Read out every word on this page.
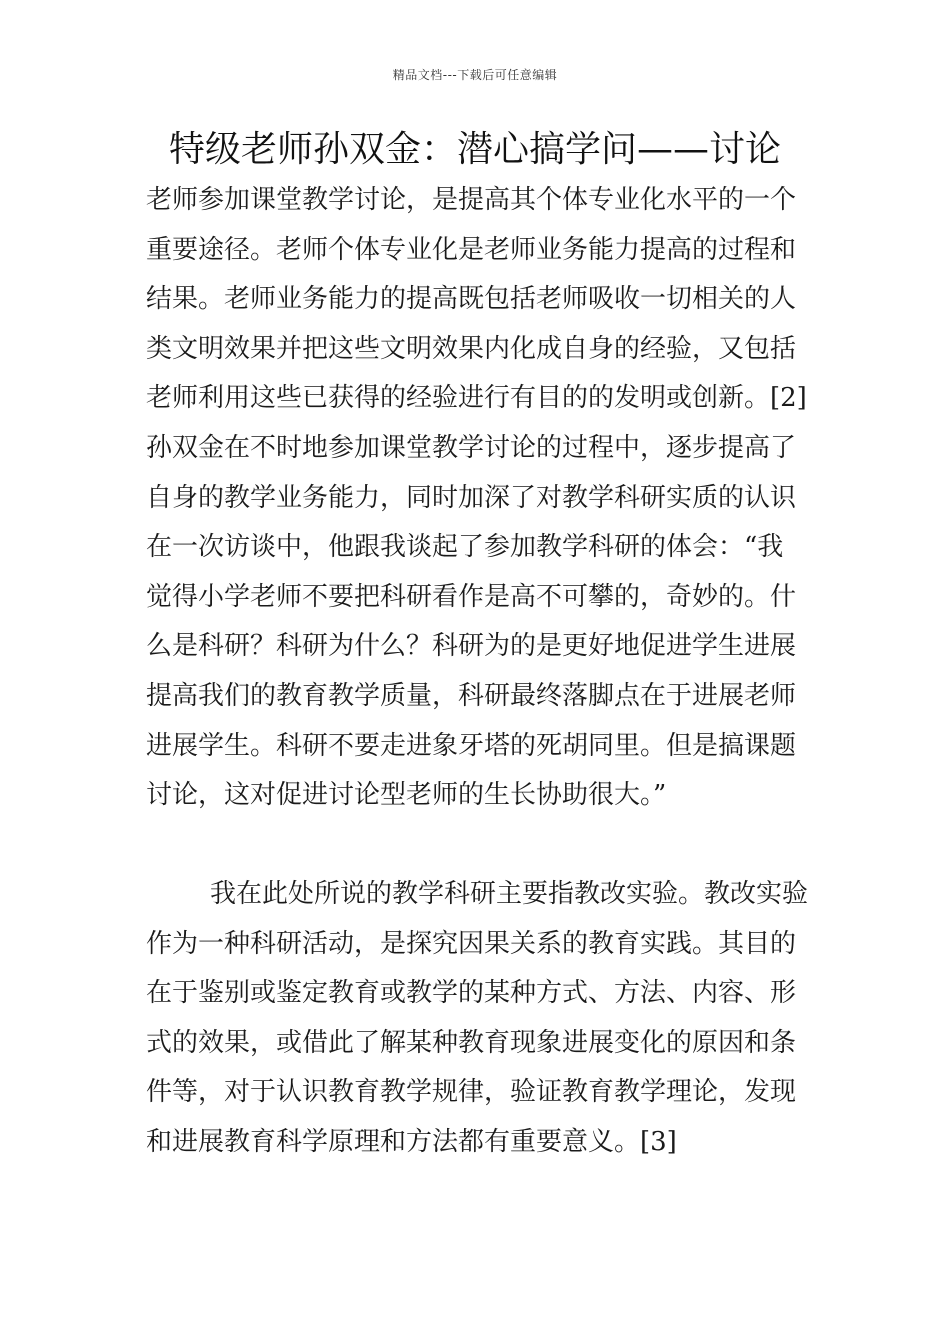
精品文档---下载后可任意编辑
特级老师孙双金：潜心搞学问——讨论
老师参加课堂教学讨论，是提高其个体专业化水平的一个
重要途径。老师个体专业化是老师业务能力提高的过程和
结果。老师业务能力的提高既包括老师吸收一切相关的人
类文明效果并把这些文明效果内化成自身的经验，又包括
老师利用这些已获得的经验进行有目的的发明或创新。[2]
孙双金在不时地参加课堂教学讨论的过程中，逐步提高了
自身的教学业务能力，同时加深了对教学科研实质的认识
在一次访谈中，他跟我谈起了参加教学科研的体会：“我
觉得小学老师不要把科研看作是高不可攀的，奇妙的。什
么是科研？科研为什么？科研为的是更好地促进学生进展
提高我们的教育教学质量，科研最终落脚点在于进展老师
进展学生。科研不要走进象牙塔的死胡同里。但是搞课题
讨论，这对促进讨论型老师的生长协助很大。”
我在此处所说的教学科研主要指教改实验。教改实验
作为一种科研活动，是探究因果关系的教育实践。其目的
在于鉴别或鉴定教育或教学的某种方式、方法、内容、形
式的效果，或借此了解某种教育现象进展变化的原因和条
件等，对于认识教育教学规律，验证教育教学理论，发现
和进展教育科学原理和方法都有重要意义。[3]
